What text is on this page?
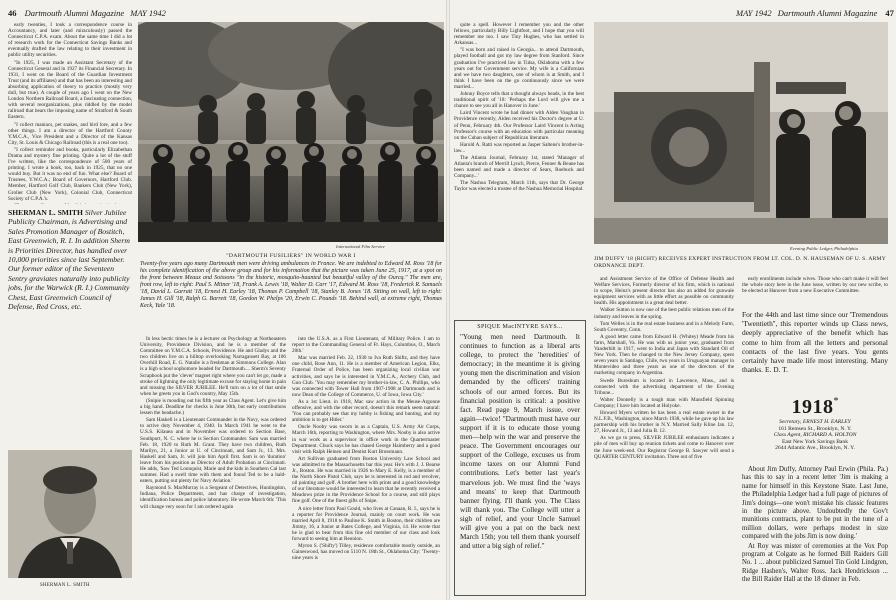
46 Dartmouth Alumni Magazine MAY 1942

early twenties, I took a correspondence course in Accountancy, and later (and miraculously) passed the Connecticut C.P.A. exam. About the same time I did a lot of research work for the Connecticut Savings Banks and eventually drafted the law relating to their investment in public utility securities.

"In 1925, I was made an Assistant Secretary of the Connecticut General and in 1927 its Financial Secretary. In 1931, I went on the Board of the Guardian Investment Trust (and its affiliates) and that has been an interesting and absorbing application of theory to practice (mostly very dull, but true). A couple of years ago I went on the New London Northern Railroad Board, a fascinating connection, with several reorganizations, plus riddled by the model railroad that bears the imposing name of Stratford & South Eastern.

"I collect maniacs, pet snakes, and bird lore, and a few other things. I am a director of the Hartford County Y.M.C.A., Vice President and a Director of the Kansas City, St. Louis & Chicago Railroad (this is a real one too).

"I collect reminder and books, particularly Elizabethan Drama and mystery fine printing. Quite a lot of the stuff I've written, like the correspondence of 500 years of printing. I wrote a book, too, back in 1925, that no one would buy. But it was no end of fun. What else? Board of Trustees, Y.W.C.A.; Board of Governors, Hartford Club. Member, Hartford Golf Club, Bankers Club (New York), Grolier Club (New York), Colonial Club, Connecticut Society of C.P.A.'s.

SHERMAN L. SMITH Silver Jubilee Publicity Chairman, is Advertising and Sales Promotion Manager of Bostitch, East Greenwich, R. I. In addition Sherm is Priorities Director, has handled over 10,000 priorities since last September. Our former editor of the Seventeen Sentry graviates naturally into publicity jobs, for the Warwick (R. I.) Community Chest, East Greenwich Council of Defense, Red Cross, etc.
International Film Service
"DARTMOUTH FUSILIERS" IN WORLD WAR I
Twenty-five years ago many Dartmouth men were driving ambulances in France. We are indebted to Edward M. Ross '18 for his complete identification of the above group and for his information that the picture was taken June 25, 1917, at a spot on the front between Meaux and Soissons "in the historic, mosquito-haunted but beautiful valley of the Ourcq." The men are, front row, left to right: Paul S. Mitner '18, Frank A. Lewis '18, Walter D. Carr '17, Edward M. Ross '18, Frederick R. Samuels '18, David L. Garratt '18, Ernest H. Earley '18, Thomas P. Campbell '18, Stanley B. Jones '18. Sitting on wall, left to right: James H. Gill '18, Ralph G. Barrett '18, Gordon W. Phelps '20, Erwin C. Pounds '18. Behind wall, at extreme right, Thomas Keck, Yale '18.
SHERMAN L. SMITH

In less hectic times he is a lecturer on Psychology at Northeastern University, Providence Division, and he is a member of the Committee on Y.M.C.A. Schools, Providence. He and Gladys and the two children live on a hilltop overlooking Narragansett Bay, at 106 Overhill Road, E. G. Natalie is a freshman at Simmons College. Alan is a high school sophomore headed for Dartmouth.... Sherm's Seventy Scrapbook put the 'clever' magnet right where you can't let go, made a stroke of lightning the only legitimate excuse for staying home in pain and missing the SILVER JUBILEE. He'll turn on a lot of that smile when he greets you in God's country, May 15th.

(Snipie is mouding out his fifth year as Class Agent. Let's give him a big hand. Deadline for checks is June 30th, but early contributions lessen the headache.)

Sam Haskell is a Lieutenant Commander in the Navy, was ordered to active duty November 4, 1940. In March 1941 he went to the U.S.S. Kilauea and in November was ordered to Section Base, Southport, N. C. where he is Section Commander. Sam was married Feb. 18, 1920 to Ruth M. Grant. They have two children, Ruth Marilyn, 21, a Junior at U. of Cincinnati, and Sam Jr., 13. Mrs. Haskell and Sam, Jr. will join him April first. Sam is on 'duration' leave from his position as Director of Adult Probation at Cincinnati. He adds, 'Saw Ted Lonnquist, Marie and the kids in Southern Cal last summer. Had a swell time with them and found Ted to be a bald-eaters, putting out plenty for Navy Aviation.'

Raymond S. MacMurray is a Sergeant of Detectives, Huntingdon, Indiana, Police Department, and has charge of investigation, identification bureau and police laboratory. He wrote March 6th: 'This will change very soon for I am ordered again

into the U.S.A. as a First Lieutenant, of Military Police. I am to report to the Commanding General of Ft. Hays, Columbus, O., March 20th.'

Mac was married Feb. 22, 1930 to Iva Ruth Shiftz, and they have one child, Rose Ann, 11. He is a member of American Legion, Elks, Fraternal Order of Police, has been organizing local civilian war activities, and says he is interested in Y.M.C.A., Archery Club, and Gun Club. 'You may remember my brother-in-law, C. A. Phillips, who was connected with Tower Hall from 1907-1908 at Dartmouth and is now Dean of the College of Commerce, U. of Iowa, Iowa City.'

As a 1st Lieut. in 1918, Mac saw action in the Meuse-Argonne offensive, and with the other record, doesn't this remark seem natural: 'You can probably see that my hobby is fishing and hunting, and my ambition is to get Hitler.'

Oncle Nooby was sworn in as a Captain, U.S. Army Air Corps, March 16th, reporting to Washington, where Mrs. Nooby is also active in war work as a supervisor in office work in the Quartermaster Department. Chuck says he has chased George Haimberry and a good visit with Ralph Heinen and Dentist Kurt Brossmann.

Art Sullivan graduated from Boston University Law School and was admitted to the Massachusetts bar this year. He's with J. J. Bearse Jr., Boston. He was married in 1926 to Mary E. Kelly, is a member of the North Shore Pistol Club, says he is interested in rod and revolver, oil painting and golf. A brother here with prints and a good knowledge of our literature would be interested to learn that he recently received a Meadows prize in the Providence School for a course, and still plays fine golf. One of the finest gifts of Snipe.

A nice letter from Paul Gould, who lives at Canaan, R. I., says he is a reporter for Providence Journal, mainly on court work. He was married April 8, 1918 to Pauline K. Smith in Boston, their children are Jimmy, 16, a Junior at Bates College, and Virginia, 14. He wrote that he is glad to hear from this fine old member of our class and look forward to seeing him at Reunion.

Myron S. ('Shifty') Tilley, residence comfortable mostly outside, an Gaineswood, has moved on 5110 N. 18th St., Oklahoma City: 'Twenty-nine years is

MAY 1942 Dartmouth Alumni Magazine 47

quite a spell. However I remember you and the other fellows, particularly Billy Lightfoot, and I hope that you will remember me too. I saw Tiny Hughes, who has settled in Arkansas...

"I was born and raised in Georgia... to attend Dartmouth, played football and got my law degree from Stanford. Since graduation I've practiced law in Tulsa, Oklahoma with a few years out for Government service. My wife is a Californian and we have two daughters, one of whom is at Smith, and I think I have been on the go continuously since we were married...

Johnny Boyce tells that a thought always heads, in the best traditional spirit of '18: 'Perhaps the Lord will give me a chance to see you all in Hanover in June.'

Laird Vincent wrote he had dinner with Alden Vaughan in Providence recently, Alden received his Doctor's degree at U. of Penn, February 4th. Our Professor Laird Vincent is Acting Professor's course with an education with particular meaning on the Cuban subject of Republican literature.

Harold A. Ratti was reported as Jasper Saltens's brother-in-law...

The Atlanta Journal, February 1st, stated 'Manager of Atlanta's branch of Merrill Lynch, Pierce, Fenner & Beane has been named and made a director of Sears, Roebuck and Company...'

The Nashua Telegram, March 11th, says that Dr. George Taylor was elected a trustee of the Nashua Memorial Hospital.

SPIQUE MacINTYRE SAYS...
"Young men need Dartmouth. It continues to function as a liberal arts college, to protect the 'heredities' of democracy; in the meantime it is giving young men the discrimination and vision demanded by the officers' training schools of our armed forces. But its financial position is critical: a positive fact. Read page 9, March issue, over again—twice! "Dartmouth must have our support if it is to educate those young men—help win the war and preserve the peace. The Government encourages our support of the College, excuses us from income taxes on our Alumni Fund contributions. Let's better last year's marvelous job. We must find the 'ways and means' to keep that Dartmouth banner flying. I'll thank you. The Class will thank you. The College will utter a sigh of relief, and your Uncle Samuel will give you a pat on the back next March 15th; you tell them thank yourself and utter a big sigh of relief."
Evening Public Ledger, Philadelphia
JIM DUFFY '18 (RIGHT) RECEIVES EXPERT INSTRUCTION FROM LT. COL. D. N. HAUSEMAN OF U. S. ARMY ORDNANCE DEPT.

and Assistment Service of the Office of Defense Health and Welfare Services, Formerly director of his firm, which is national in scope, Heinz's present director has also an added for gunwale equipment services with as little effort as possible on community health. His appointment is a great deal better.

Walker Sutton is now one of the best public relations men of the industry and leaves in the spring.

Tom Welles is in the real estate business and in a Melody Farm, South Coventry, Conn.

A good letter came from Edward H. (Whitey) Meade from his farm, Marshall, Va. He was with us junior year, graduated from Vanderbilt in 1917, went to India and Japan with Standard Oil of New York. Then he changed to the New Jersey Company, spent seven years in Santiago, Chile, two years in Uruguayan manager in Montevideo and three years as one of the directors of the marketing company in Argentina.

Swede Bureshum is located in Lawrence, Mass., and is connected with the advertising department of the Evening Tribune...

Walter Donnelly is a tough man with Mansfield Spinning Company; I have him located at Holyoke.

Howard Myers written he has been a real estate owner in the N.L.F.B., Washington, since March 1938, while he gave up his law partnership with his brother in N.Y. Married Sally Kline Jan. 12, 27, Howard Jr., 13 and Julia B. 12.

As we go to press, SILVER JUBILEE enthusiasm indicates a pile of men will buy up reunion tickets and come to Hanover over the June week-end. Our Registrar George B. Sawyer will send a QUARTER CENTURY invitation. Three out of five

early enrollments include wives. Those who can't make it will feel the whole story here in the June issue, written by our new scribe, to be elected at Hanover from a new Executive Committee.

For the 44th and last time since our 'Tremendous 'Twentieth'', this reporter winds up Class news, deeply appreciative of the benefit which has come to him from all the letters and personal contacts of the last five years. You gents certainly have made life most interesting. Many thanks. E. D. T.
1918*
Secretary, ERNEST H. EARLEY
161 Remsen St., Brooklyn, N. Y.
Class Agent, RICHARD A. HOLTON
East New York Savings Bank
2644 Atlantic Ave., Brooklyn, N. Y.

About Jim Duffy, Attorney Paul Erwin (Phila. Pa.) has this to say in a recent letter 'Jim is making a name for himself in this Keystone State. Last June, the Philadelphia Ledger had a full page of pictures of Jim's doings—one won't mistake his classic features in the picture above. Undoubtedly the Gov't munitions contracts, plant to be put in the tune of a million dollars, were perhaps modest in size compared with the jobs Jim is now doing.'

At Roy was mister of ceremonies at the Vox Pop program at Colgate as he formed Bill Raiders Gill No. 1 ... about publicized Samuel Tin Gold Lindgren, Ridge Hashen's, Walter Ross. Jack Hendrickson ... the Bill Raider Hall at the 18 dinner in Feb.
